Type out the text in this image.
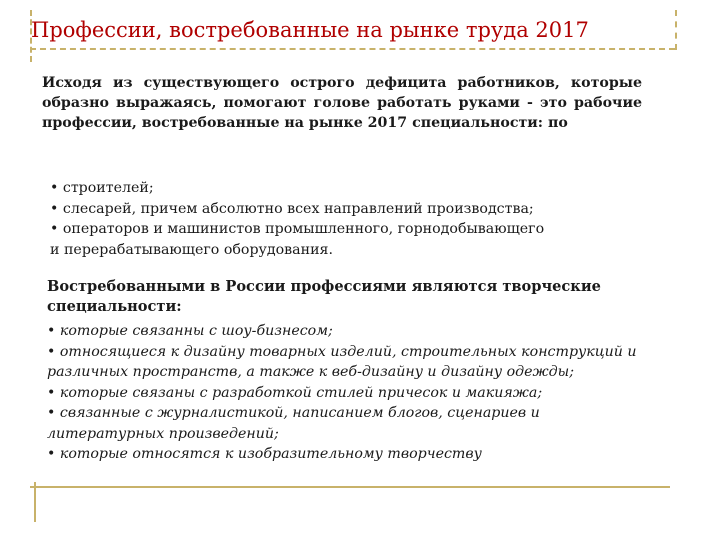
Профессии, востребованные на рынке труда 2017
Исходя из существующего острого дефицита работников, которые образно выражаясь, помогают голове работать руками - это рабочие профессии, востребованные на рынке 2017 специальности: по
• строителей;
• слесарей, причем абсолютно всех направлений производства;
• операторов и машинистов промышленного, горнодобывающего
и перерабатывающего оборудования.
Востребованными в России профессиями являются творческие специальности:
• которые связанны с шоу-бизнесом;
• относящиеся к дизайну товарных изделий, строительных конструкций и
различных пространств, а также к веб-дизайну и дизайну одежды;
• которые связаны с разработкой стилей причесок и макияжа;
• связанные с журналистикой, написанием блогов, сценариев и
литературных произведений;
• которые относятся к изобразительному творчеству
